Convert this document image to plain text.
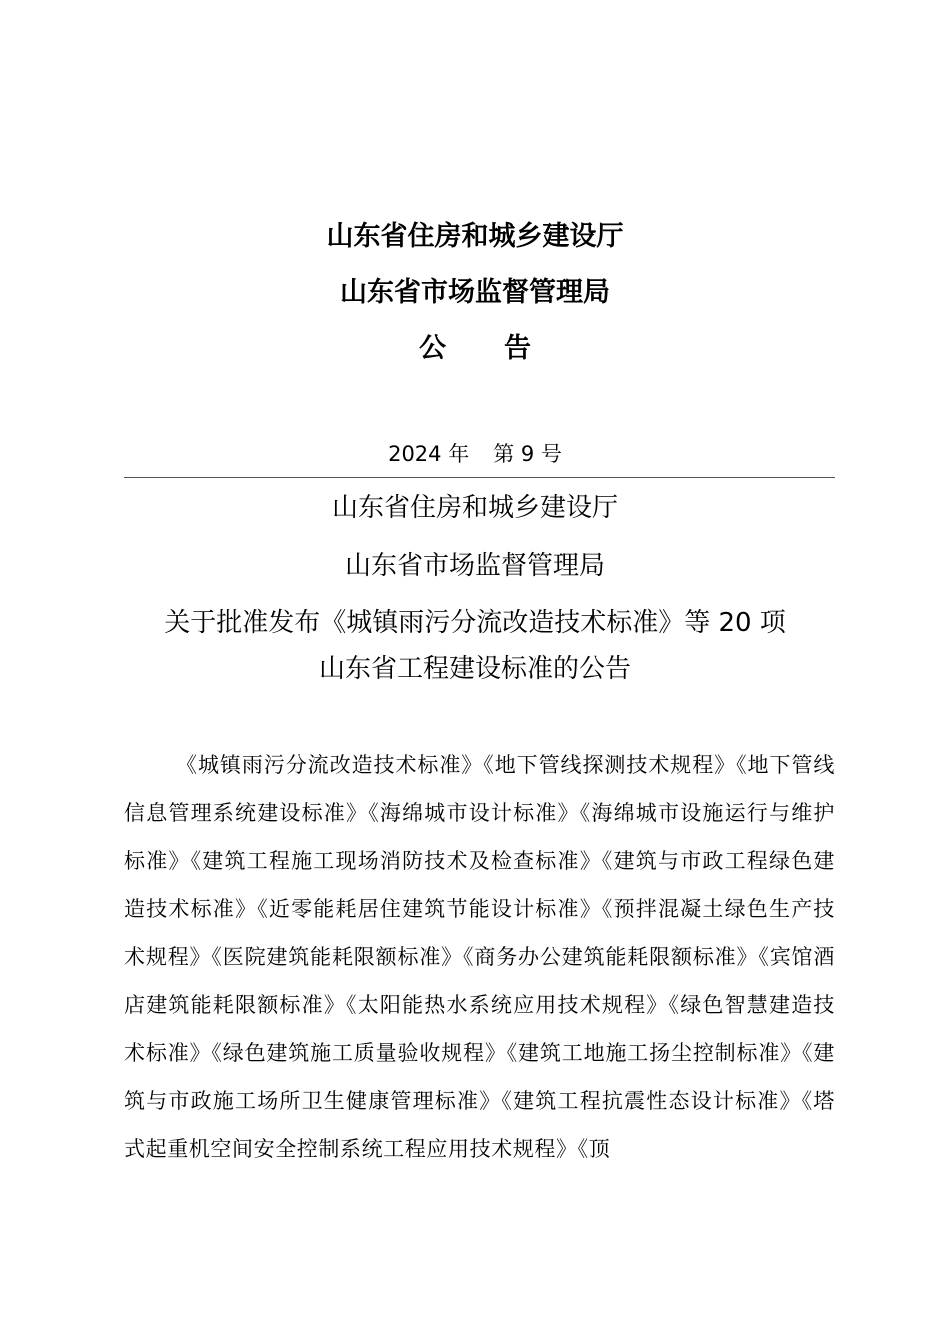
山东省住房和城乡建设厅
山东省市场监督管理局
公 告
2024 年 第 9 号
山东省住房和城乡建设厅
山东省市场监督管理局
关于批准发布《城镇雨污分流改造技术标准》等 20 项
山东省工程建设标准的公告

《城镇雨污分流改造技术标准》《地下管线探测技术规程》《地下管线信息管理系统建设标准》《海绵城市设计标准》《海绵城市设施运行与维护标准》《建筑工程施工现场消防技术及检查标准》《建筑与市政工程绿色建造技术标准》《近零能耗居住建筑节能设计标准》《预拌混凝土绿色生产技术规程》《医院建筑能耗限额标准》《商务办公建筑能耗限额标准》《宾馆酒店建筑能耗限额标准》《太阳能热水系统应用技术规程》《绿色智慧建造技术标准》《绿色建筑施工质量验收规程》《建筑工地施工扬尘控制标准》《建筑与市政施工场所卫生健康管理标准》《建筑工程抗震性态设计标准》《塔式起重机空间安全控制系统工程应用技术规程》《顶
